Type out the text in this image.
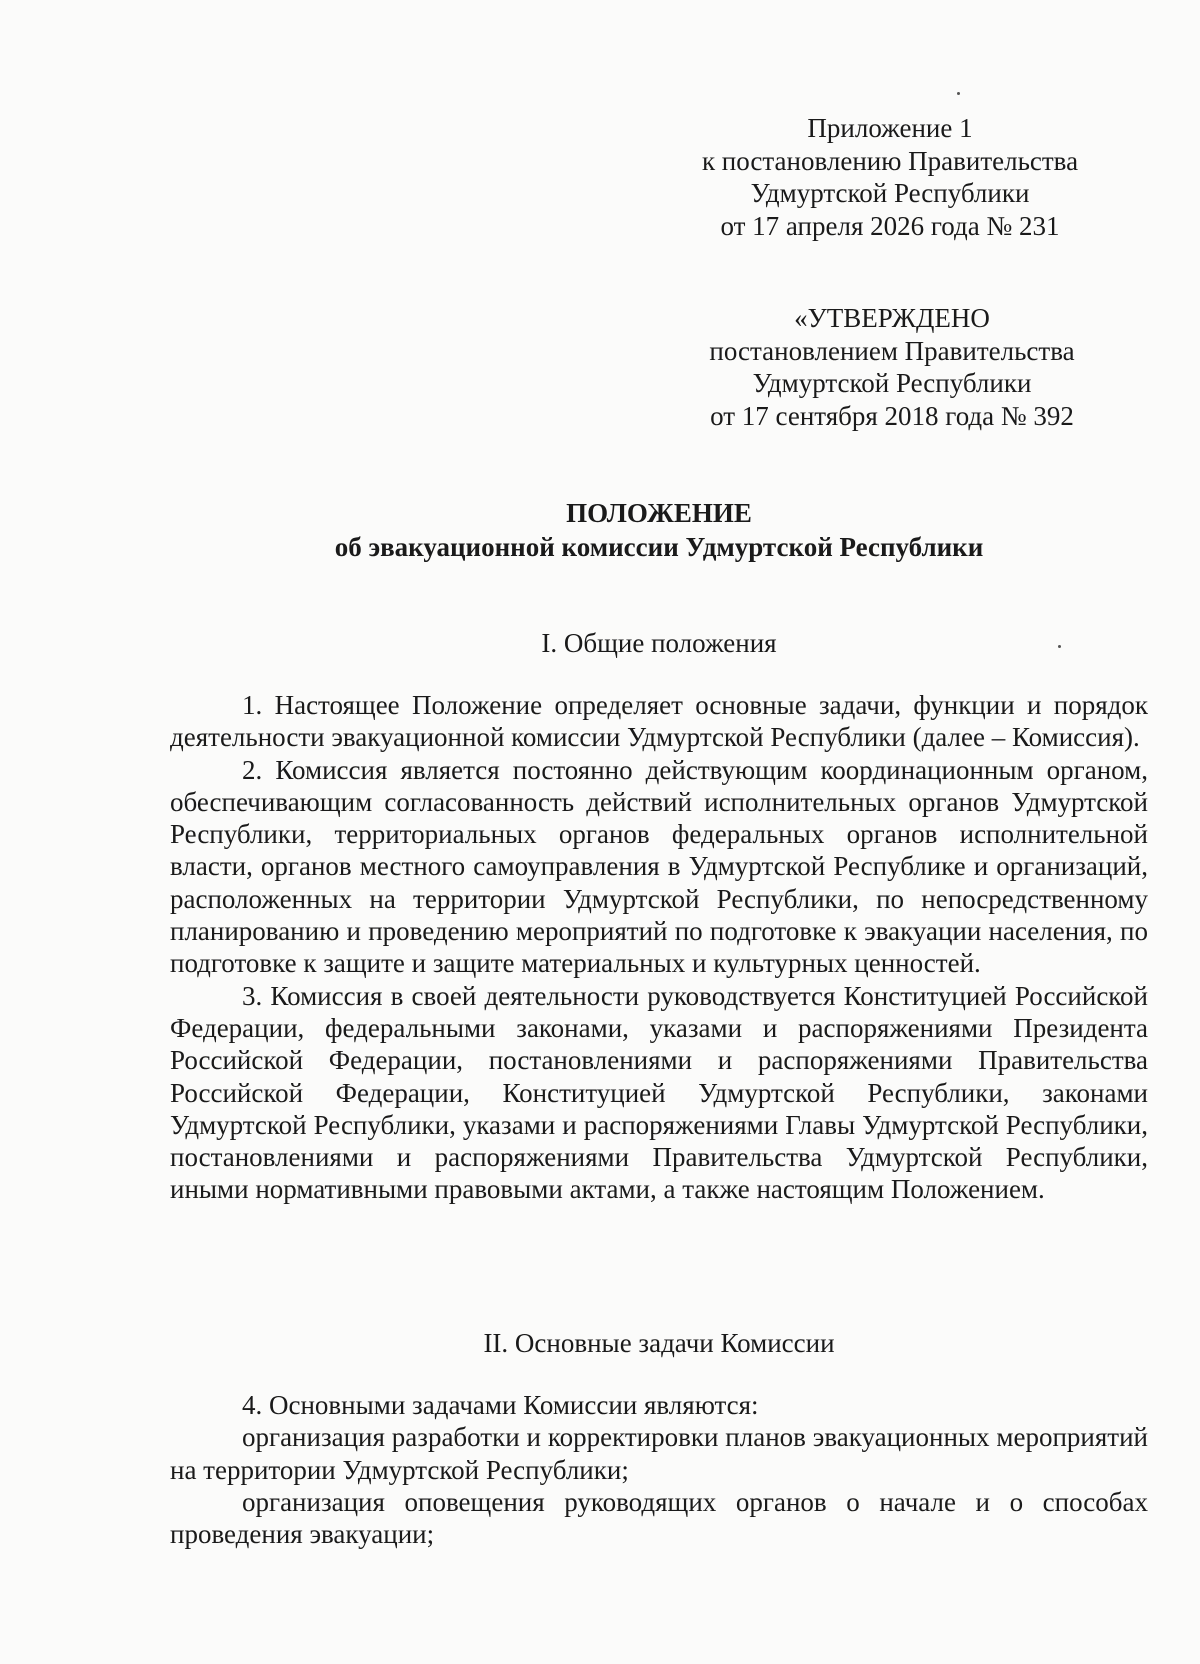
Приложение 1
к постановлению Правительства
Удмуртской Республики
от 17 апреля 2026 года № 231
«УТВЕРЖДЕНО
постановлением Правительства
Удмуртской Республики
от 17 сентября 2018 года № 392
ПОЛОЖЕНИЕ
об эвакуационной комиссии Удмуртской Республики
I. Общие положения

1. Настоящее Положение определяет основные задачи, функции и порядок деятельности эвакуационной комиссии Удмуртской Республики (далее – Комиссия).

2. Комиссия является постоянно действующим координационным органом, обеспечивающим согласованность действий исполнительных органов Удмуртской Республики, территориальных органов федеральных органов исполнительной власти, органов местного самоуправления в Удмуртской Республике и организаций, расположенных на территории Удмуртской Республики, по непосредственному планированию и проведению мероприятий по подготовке к эвакуации населения, по подготовке к защите и защите материальных и культурных ценностей.

3. Комиссия в своей деятельности руководствуется Конституцией Российской Федерации, федеральными законами, указами и распоряжениями Президента Российской Федерации, постановлениями и распоряжениями Правительства Российской Федерации, Конституцией Удмуртской Республики, законами Удмуртской Республики, указами и распоряжениями Главы Удмуртской Республики, постановлениями и распоряжениями Правительства Удмуртской Республики, иными нормативными правовыми актами, а также настоящим Положением.

II. Основные задачи Комиссии

4. Основными задачами Комиссии являются:

организация разработки и корректировки планов эвакуационных мероприятий на территории Удмуртской Республики;

организация оповещения руководящих органов о начале и о способах проведения эвакуации;
